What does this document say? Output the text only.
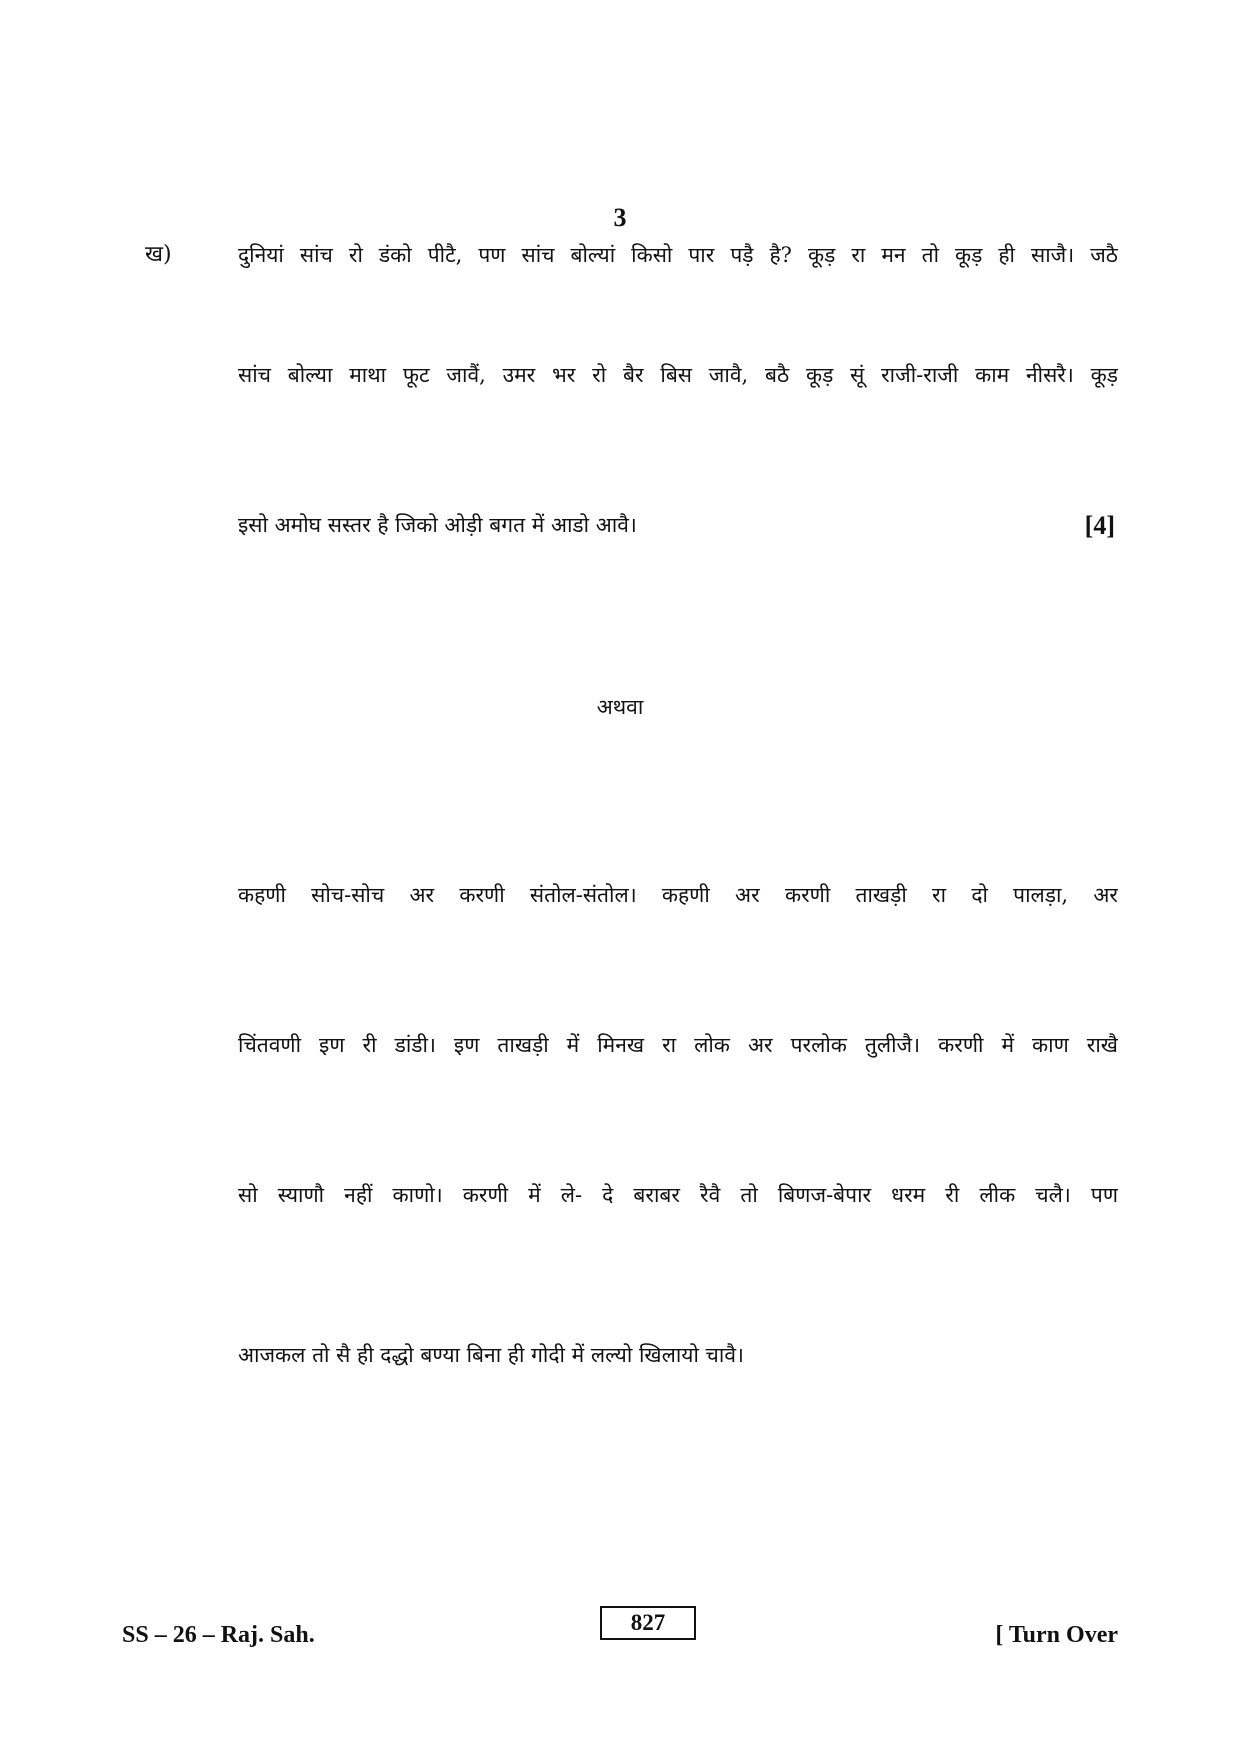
3
ख)	दुनियां सांच रो डंको पीटै, पण सांच बोल्यां किसो पार पड़ै है? कूड़ रा मन तो कूड़ ही साजै। जठै
सांच बोल्या माथा फूट जावैं, उमर भर रो बैर बिस जावै, बठै कूड़ सूं राजी-राजी काम नीसरै। कूड़
इसो अमोघ सस्तर है जिको ओड़ी बगत में आडो आवै।	[4]
अथवा
कहणी सोच-सोच अर करणी संतोल-संतोल। कहणी अर करणी ताखड़ी रा दो पालड़ा, अर
चिंतवणी इण री डांडी। इण ताखड़ी में मिनख रा लोक अर परलोक तुलीजै। करणी में काण राखै
सो स्याणौ नहीं काणो। करणी में ले- दे बराबर रैवै तो बिणज-बेपार धरम री लीक चलै। पण
आजकल तो सै ही दद्धो बण्या बिना ही गोदी में लल्यो खिलायो चावै।
SS – 26 – Raj. Sah.	827	[ Turn Over
